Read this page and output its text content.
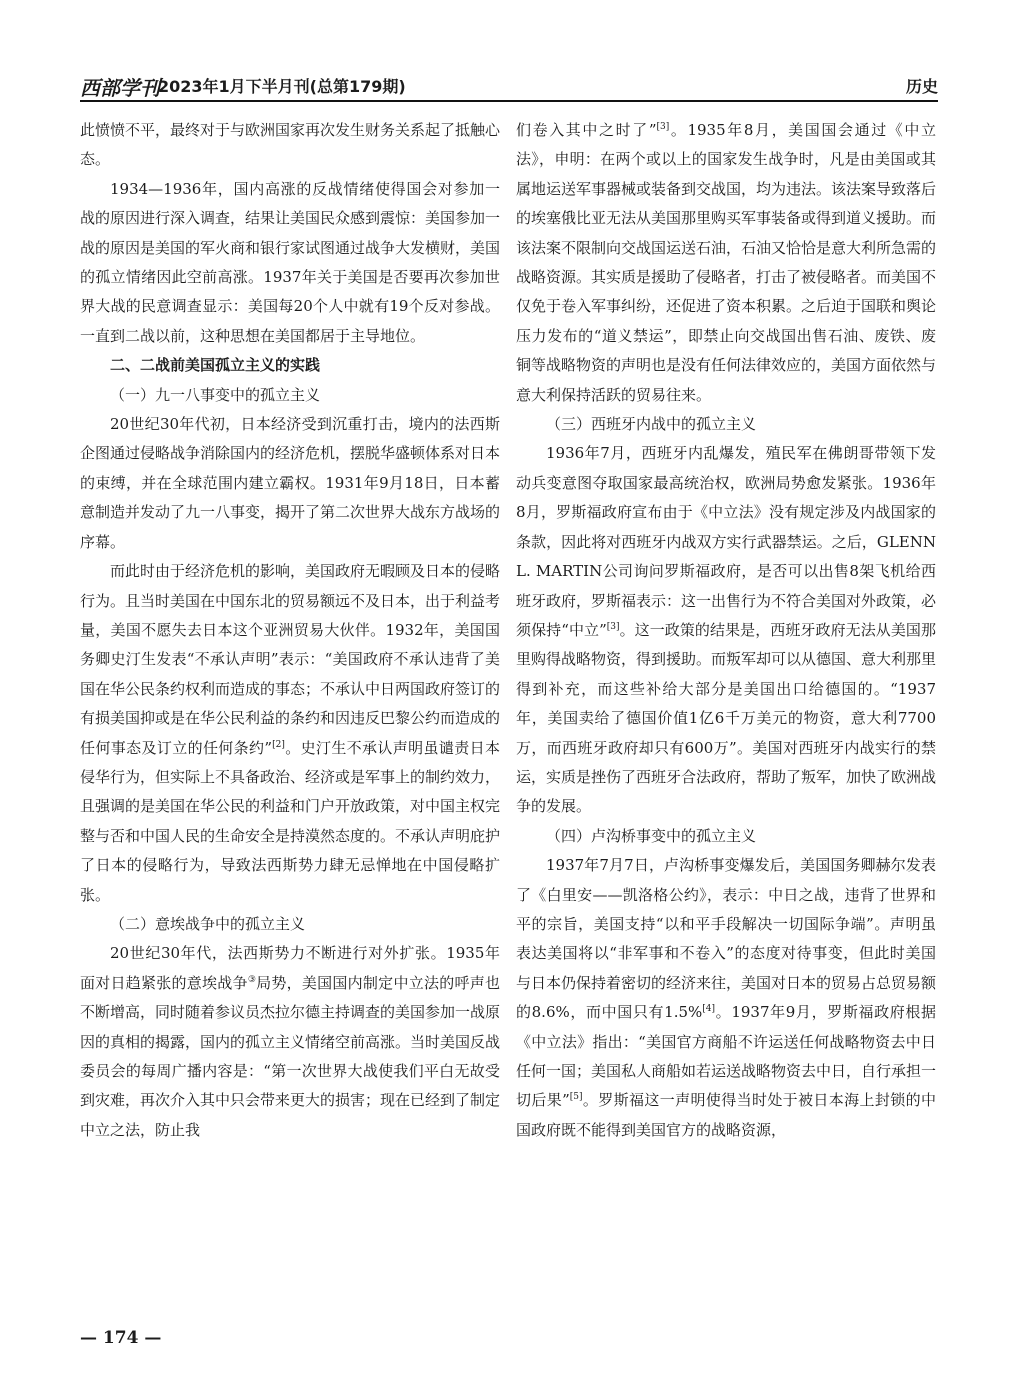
西部学刊
2023年1月下半月刊(总第179期)	历史

此愤愤不平，最终对于与欧洲国家再次发生财务关系起了抵触心态。

1934—1936年，国内高涨的反战情绪使得国会对参加一战的原因进行深入调查，结果让美国民众感到震惊：美国参加一战的原因是美国的军火商和银行家试图通过战争大发横财，美国的孤立情绪因此空前高涨。1937年关于美国是否要再次参加世界大战的民意调查显示：美国每20个人中就有19个反对参战。一直到二战以前，这种思想在美国都居于主导地位。

二、二战前美国孤立主义的实践

（一）九一八事变中的孤立主义

20世纪30年代初，日本经济受到沉重打击，境内的法西斯企图通过侵略战争消除国内的经济危机，摆脱华盛顿体系对日本的束缚，并在全球范围内建立霸权。1931年9月18日，日本蓄意制造并发动了九一八事变，揭开了第二次世界大战东方战场的序幕。

而此时由于经济危机的影响，美国政府无暇顾及日本的侵略行为。且当时美国在中国东北的贸易额远不及日本，出于利益考量，美国不愿失去日本这个亚洲贸易大伙伴。1932年，美国国务卿史汀生发表“不承认声明”表示：“美国政府不承认违背了美国在华公民条约权利而造成的事态；不承认中日两国政府签订的有损美国抑或是在华公民利益的条约和因违反巴黎公约而造成的任何事态及订立的任何条约”[2]。史汀生不承认声明虽谴责日本侵华行为，但实际上不具备政治、经济或是军事上的制约效力，且强调的是美国在华公民的利益和门户开放政策，对中国主权完整与否和中国人民的生命安全是持漠然态度的。不承认声明庇护了日本的侵略行为，导致法西斯势力肆无忌惮地在中国侵略扩张。

（二）意埃战争中的孤立主义

20世纪30年代，法西斯势力不断进行对外扩张。1935年面对日趋紧张的意埃战争③局势，美国国内制定中立法的呼声也不断增高，同时随着参议员杰拉尔德主持调查的美国参加一战原因的真相的揭露，国内的孤立主义情绪空前高涨。当时美国反战委员会的每周广播内容是：“第一次世界大战使我们平白无故受到灾难，再次介入其中只会带来更大的损害；现在已经到了制定中立之法，防止我

们卷入其中之时了”[3]。1935年8月，美国国会通过《中立法》，申明：在两个或以上的国家发生战争时，凡是由美国或其属地运送军事器械或装备到交战国，均为违法。该法案导致落后的埃塞俄比亚无法从美国那里购买军事装备或得到道义援助。而该法案不限制向交战国运送石油，石油又恰恰是意大利所急需的战略资源。其实质是援助了侵略者，打击了被侵略者。而美国不仅免于卷入军事纠纷，还促进了资本积累。之后迫于国联和舆论压力发布的“道义禁运”，即禁止向交战国出售石油、废铁、废铜等战略物资的声明也是没有任何法律效应的，美国方面依然与意大利保持活跃的贸易往来。

（三）西班牙内战中的孤立主义

1936年7月，西班牙内乱爆发，殖民军在佛朗哥带领下发动兵变意图夺取国家最高统治权，欧洲局势愈发紧张。1936年8月，罗斯福政府宣布由于《中立法》没有规定涉及内战国家的条款，因此将对西班牙内战双方实行武器禁运。之后，GLENN L. MARTIN公司询问罗斯福政府，是否可以出售8架飞机给西班牙政府，罗斯福表示：这一出售行为不符合美国对外政策，必须保持“中立”[3]。这一政策的结果是，西班牙政府无法从美国那里购得战略物资，得到援助。而叛军却可以从德国、意大利那里得到补充，而这些补给大部分是美国出口给德国的。“1937年，美国卖给了德国价值1亿6千万美元的物资，意大利7700万，而西班牙政府却只有600万”。美国对西班牙内战实行的禁运，实质是挫伤了西班牙合法政府，帮助了叛军，加快了欧洲战争的发展。

（四）卢沟桥事变中的孤立主义

1937年7月7日，卢沟桥事变爆发后，美国国务卿赫尔发表了《白里安——凯洛格公约》，表示：中日之战，违背了世界和平的宗旨，美国支持“以和平手段解决一切国际争端”。声明虽表达美国将以“非军事和不卷入”的态度对待事变，但此时美国与日本仍保持着密切的经济来往，美国对日本的贸易占总贸易额的8.6%，而中国只有1.5%[4]。1937年9月，罗斯福政府根据《中立法》指出：“美国官方商船不许运送任何战略物资去中日任何一国；美国私人商船如若运送战略物资去中日，自行承担一切后果”[5]。罗斯福这一声明使得当时处于被日本海上封锁的中国政府既不能得到美国官方的战略资源，

— 174 —
